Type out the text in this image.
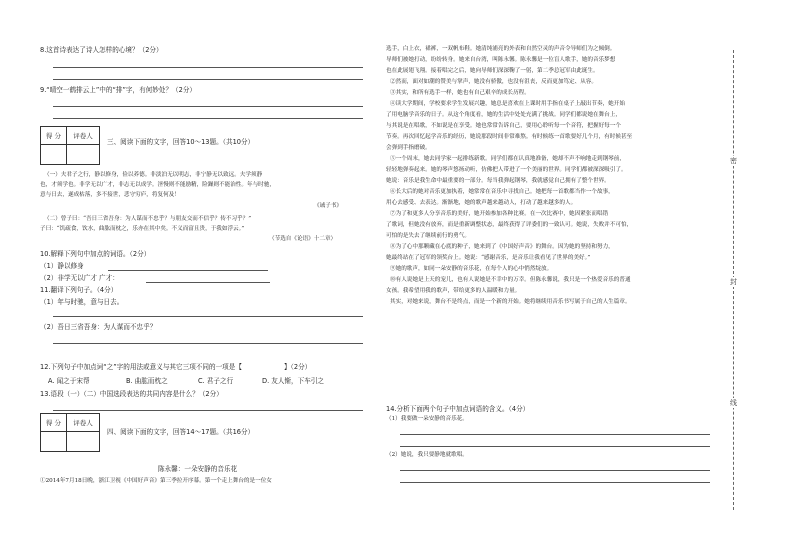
8.这首诗表达了诗人怎样的心境？（2分）
9.“晴空一鹤排云上”中的“排”字，有何妙处？（2分）
得 分	评卷人

三、阅读下面的文字，回答10～13题。（共10分）
（一）夫君子之行，静以修身，俭以养德。非淡泊无以明志，非宁静无以致远。夫学须静
也，才须学也。非学无以广才，非志无以成学。淫慢则不能励精，险躁则不能治性。年与时驰，
意与日去，遂成枯落，多不接世，悲守穷庐，将复何及！
《诫子书》
（二）曾子曰：“吾日三省吾身：为人谋而不忠乎？与朋友交而不信乎？传不习乎？”
子曰：“饥疏食，饮水，曲肱而枕之，乐亦在其中矣。不义而富且贵，于我如浮云。”
（节选自《论语》十二章）
10.解释下列句中加点的词语。（2分）
（1）静以修身
（2）非学无以广才 广才：
11.翻译下列句子。（4分）
（1）年与时驰，意与日去。
（2）吾日三省吾身：为人谋而不忠乎？
12.下列句子中加点词“之”字的用法或意义与其它三项不同的一项是【	】（2分）
A. 闻之于宋帮	B. 曲肱而枕之	C. 君子之行	D. 友人惭，下车引之
13.语段（一）（二）中国选段表达的共同内容是什么？（2分）
得 分	评卷人

四、阅读下面的文字，回答14～17题。（共16分）
陈永馨：一朵安静的音乐花
①2014年7月18日晚，浙江卫视《中国好声音》第三季拉开序幕。第一个走上舞台的是一位女
选手，白上衣，裙裤，一双帆布鞋。她清纯浦亮的外表和自然空灵的声音令导师们为之倾倒。
导师们被她打动，纷纷转身。她来自台湾，叫陈永馨。陈永馨是一位盲人歌手，她的音乐梦想
也在此展翅飞翔。接着唱完之后，她向导师们深深鞠了一躬，第二季总冠军由此诞生。
②然而，面对如潮的赞美与掌声，她没有骄傲，也没有沮丧，反而更加笃定、从容。
③其实，和所有选手一样，她也有自己艰辛的成长历程。
④读大学期间，学校要求学生发展兴趣，她总是喜欢在上课时用手指在桌子上敲出节奏，她开始
了用电脑学音乐的日子。从这个角度看，她的生活中处处充满了挑战。同学们都说她在舞台上，
与其说是在唱歌，不如说是在享受。她也常常告诉自己，要用心聆听每一个音符，把握好每一个
节奏。再次回忆起学音乐的经历，她说那段时间非常难熬。有时候练一首歌要好几个月，有时候甚至
会弹到手指磨破。
⑤一个周末，她去同学家一起排练新歌。同学们都在认真地准备，她却不声不响地走到钢琴前，
轻轻地弹奏起来。她的琴声悠扬动听，仿佛把人带进了一个美丽的世界。同学们都被深深吸引了。
她说：音乐是我生命中最重要的一部分。每当我弹起钢琴，我就感觉自己拥有了整个世界。
⑥长大后的她对音乐更加执着，她常常在音乐中寻找自己。她把每一首歌都当作一个故事，
用心去感受、去表达。渐渐地，她的歌声越来越动人，打动了越来越多的人。
⑦为了和更多人分享音乐的美好，她开始参加各种比赛。在一次比赛中，她因紧张而唱错
了歌词，但她没有放弃，而是重新调整状态，最终获得了评委们的一致认可。她说，失败并不可怕，
可怕的是失去了继续前行的勇气。
⑧为了心中那颗藏在心底的种子，她来到了《中国好声音》的舞台。因为她的坚持和努力，
她最终站在了冠军的领奖台上。她说：“感谢音乐，是音乐让我看见了世界的美好。”
⑨她的歌声，如同一朵安静的音乐花，在每个人的心中悄然绽放。
⑩有人说她是上天的宠儿，也有人说她是不幸中的万幸。但陈永馨说，我只是一个热爱音乐的普通
女孩。我希望用我的歌声，带给更多的人温暖和力量。
其实，对她来说，舞台不是终点，而是一个新的开始。她将继续用音乐书写属于自己的人生篇章。
14.分析下面两个句子中加点词语的含义。（4分）
（1）我要做一朵安静的音乐花。
（2）她说，我只要静地就歌唱。
密
封
线
